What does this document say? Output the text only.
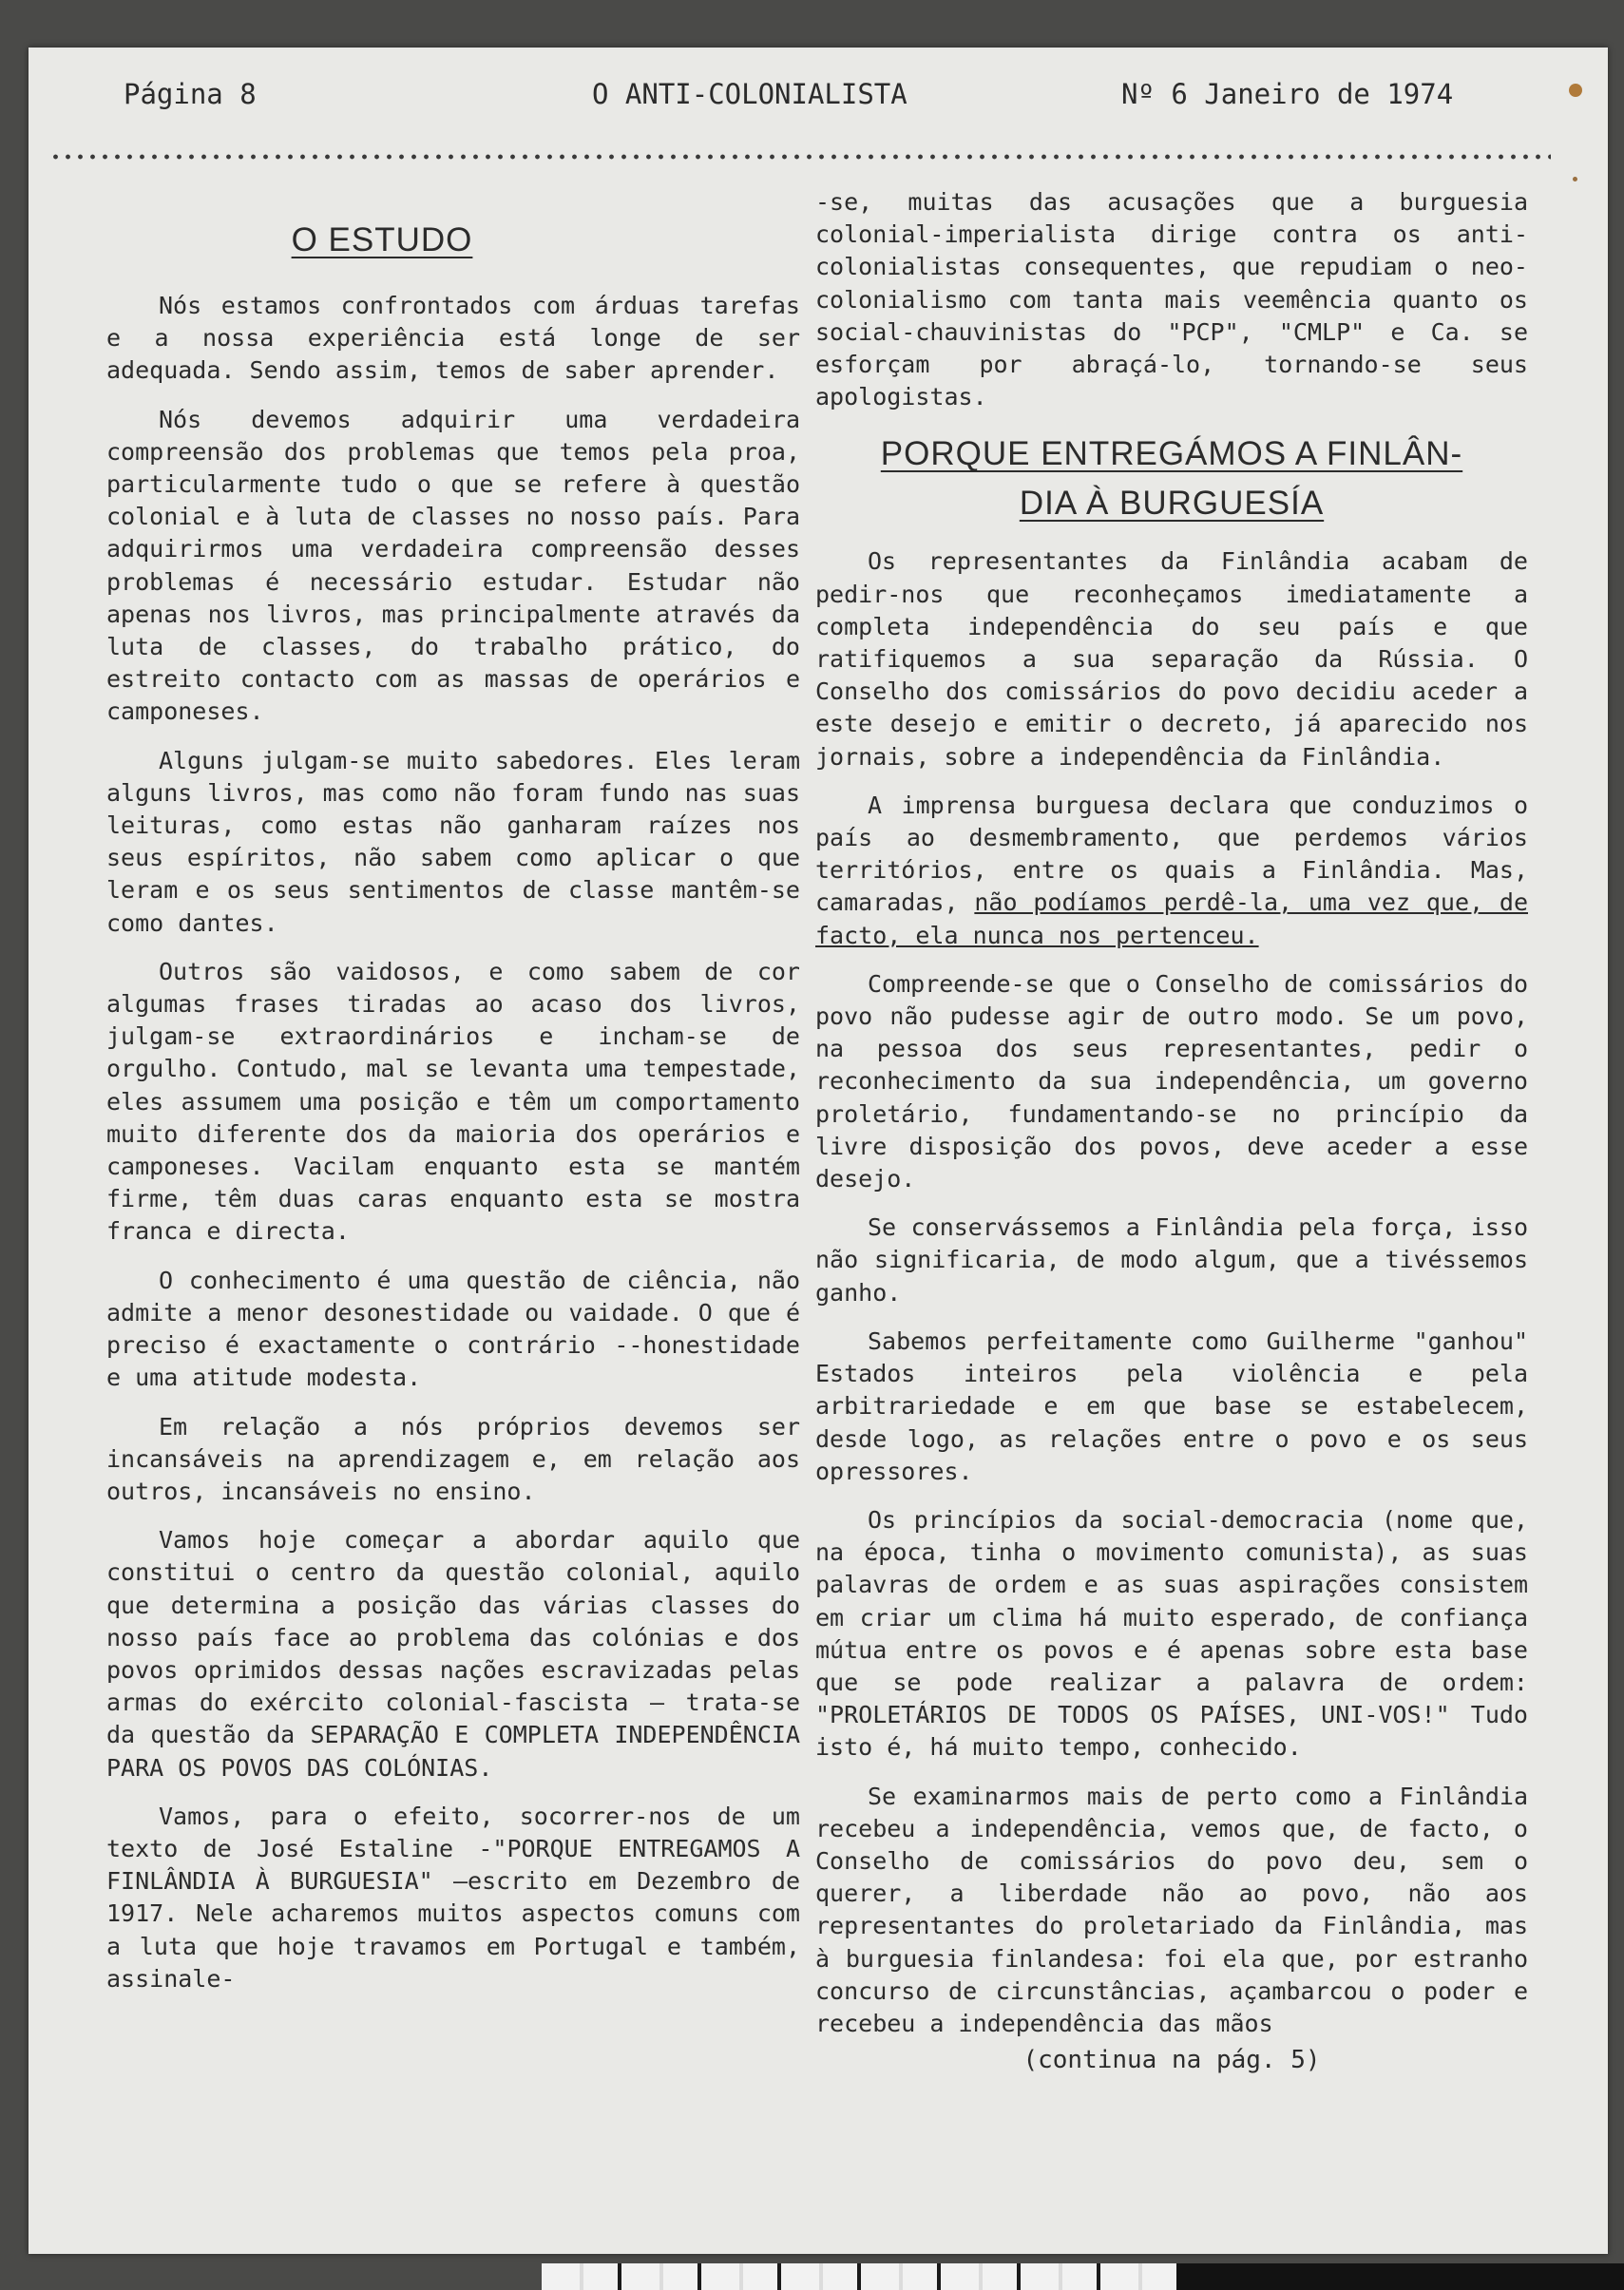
Página 8	O ANTI-COLONIALISTA	Nº 6 Janeiro de 1974
O ESTUDO

Nós estamos confrontados com árduas tarefas e a nossa experiência está longe de ser adequada. Sendo assim, temos de saber aprender.

Nós devemos adquirir uma verdadeira compreensão dos problemas que temos pela proa, particularmente tudo o que se refere à questão colonial e à luta de classes no nosso país. Para adquirirmos uma verdadeira compreensão desses problemas é necessário estudar. Estudar não apenas nos livros, mas principalmente através da luta de classes, do trabalho prático, do estreito contacto com as massas de operários e camponeses.

Alguns julgam-se muito sabedores. Eles leram alguns livros, mas como não foram fundo nas suas leituras, como estas não ganharam raízes nos seus espíritos, não sabem como aplicar o que leram e os seus sentimentos de classe mantêm-se como dantes.

Outros são vaidosos, e como sabem de cor algumas frases tiradas ao acaso dos livros, julgam-se extraordinários e incham-se de orgulho. Contudo, mal se levanta uma tempestade, eles assumem uma posição e têm um comportamento muito diferente dos da maioria dos operários e camponeses. Vacilam enquanto esta se mantém firme, têm duas caras enquanto esta se mostra franca e directa.

O conhecimento é uma questão de ciência, não admite a menor desonestidade ou vaidade. O que é preciso é exactamente o contrário --honestidade e uma atitude modesta.

Em relação a nós próprios devemos ser incansáveis na aprendizagem e, em relação aos outros, incansáveis no ensino.

Vamos hoje começar a abordar aquilo que constitui o centro da questão colonial, aquilo que determina a posição das várias classes do nosso país face ao problema das colónias e dos povos oprimidos dessas nações escravizadas pelas armas do exército colonial-fascista — trata-se da questão da SEPARAÇÃO E COMPLETA INDEPENDÊNCIA PARA OS POVOS DAS COLÓNIAS.

Vamos, para o efeito, socorrer-nos de um texto de José Estaline -"PORQUE ENTREGAMOS A FINLÂNDIA À BURGUESIA" —escrito em Dezembro de 1917. Nele acharemos muitos aspectos comuns com a luta que hoje travamos em Portugal e também, assinale-

-se, muitas das acusações que a burguesia colonial-imperialista dirige contra os anti-colonialistas consequentes, que repudiam o neo-colonialismo com tanta mais veemência quanto os social-chauvinistas do "PCP", "CMLP" e Ca. se esforçam por abraçá-lo, tornando-se seus apologistas.

PORQUE ENTREGÁMOS A FINLÂN-
DIA À BURGUESÍA

Os representantes da Finlândia acabam de pedir-nos que reconheçamos imediatamente a completa independência do seu país e que ratifiquemos a sua separação da Rússia. O Conselho dos comissários do povo decidiu aceder a este desejo e emitir o decreto, já aparecido nos jornais, sobre a independência da Finlândia.

A imprensa burguesa declara que conduzimos o país ao desmembramento, que perdemos vários territórios, entre os quais a Finlândia. Mas, camaradas, não podíamos perdê-la, uma vez que, de facto, ela nunca nos pertenceu.

Compreende-se que o Conselho de comissários do povo não pudesse agir de outro modo. Se um povo, na pessoa dos seus representantes, pedir o reconhecimento da sua independência, um governo proletário, fundamentando-se no princípio da livre disposição dos povos, deve aceder a esse desejo.

Se conservássemos a Finlândia pela força, isso não significaria, de modo algum, que a tivéssemos ganho.

Sabemos perfeitamente como Guilherme "ganhou" Estados inteiros pela violência e pela arbitrariedade e em que base se estabelecem, desde logo, as relações entre o povo e os seus opressores.

Os princípios da social-democracia (nome que, na época, tinha o movimento comunista), as suas palavras de ordem e as suas aspirações consistem em criar um clima há muito esperado, de confiança mútua entre os povos e é apenas sobre esta base que se pode realizar a palavra de ordem: "PROLETÁRIOS DE TODOS OS PAÍSES, UNI-VOS!" Tudo isto é, há muito tempo, conhecido.

Se examinarmos mais de perto como a Finlândia recebeu a independência, vemos que, de facto, o Conselho de comissários do povo deu, sem o querer, a liberdade não ao povo, não aos representantes do proletariado da Finlândia, mas à burguesia finlandesa: foi ela que, por estranho concurso de circunstâncias, açambarcou o poder e recebeu a independência das mãos

(continua na pág. 5)
